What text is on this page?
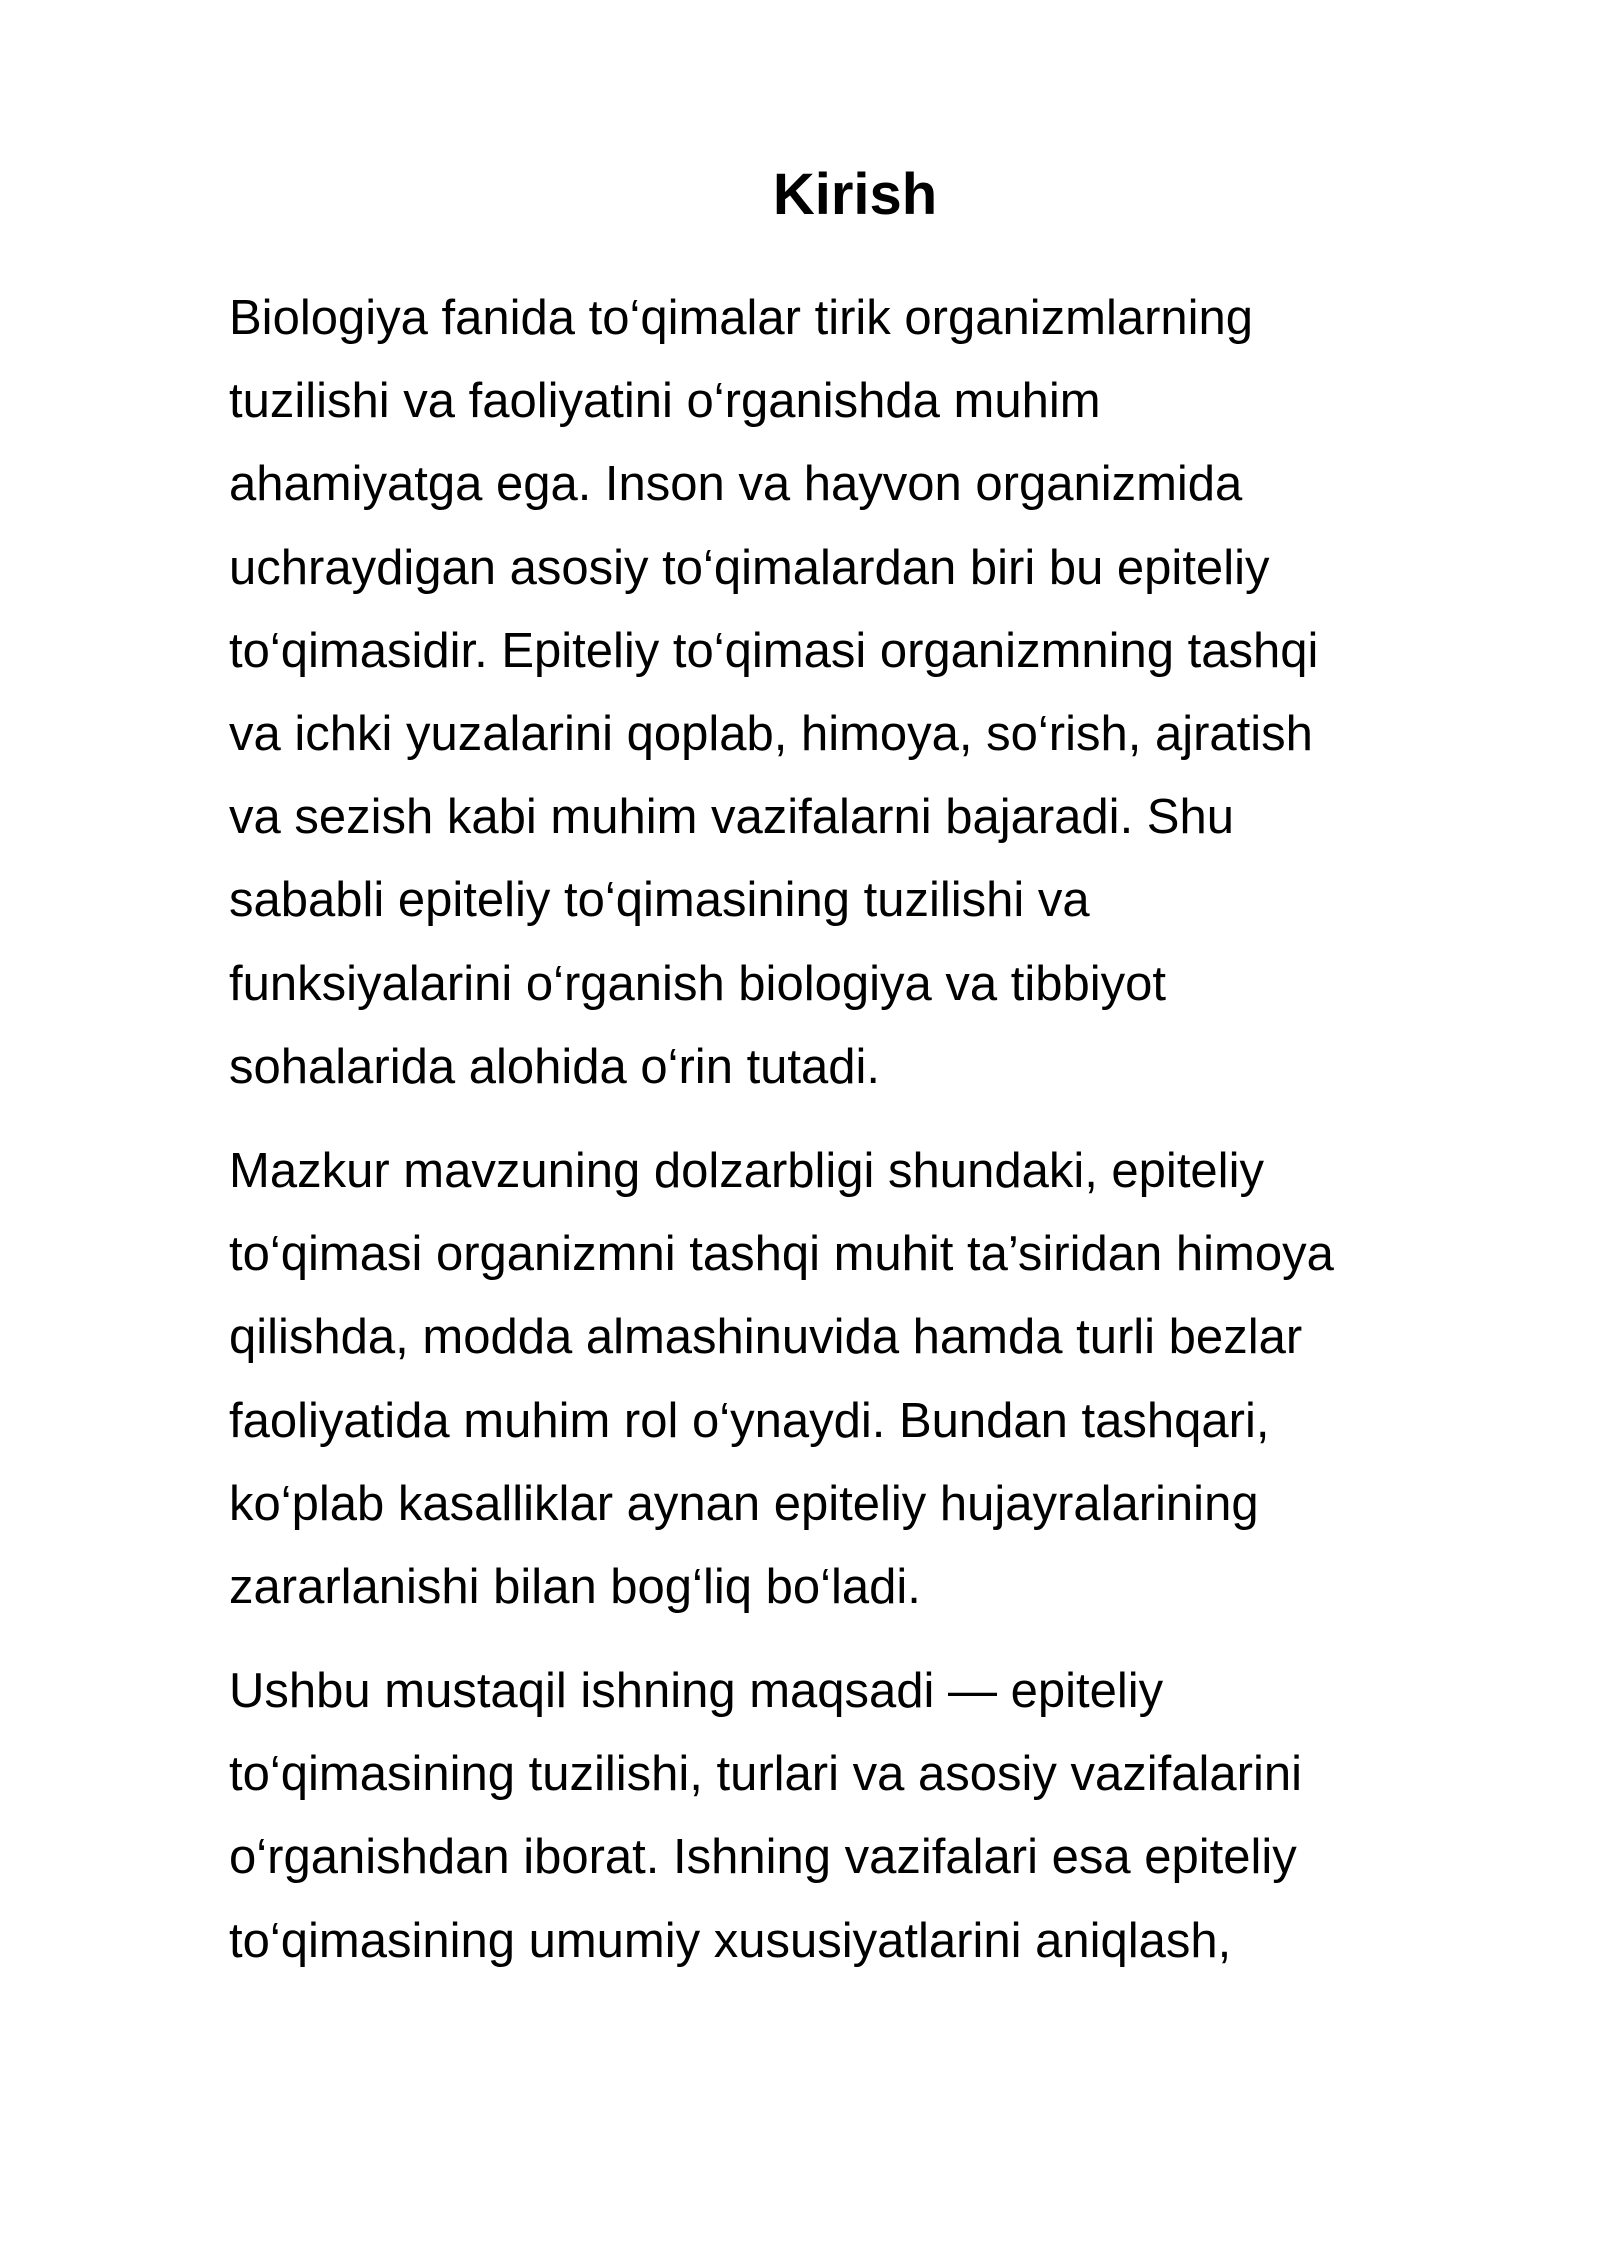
Kirish

Biologiya fanida to‘qimalar tirik organizmlarning
tuzilishi va faoliyatini o‘rganishda muhim
ahamiyatga ega. Inson va hayvon organizmida
uchraydigan asosiy to‘qimalardan biri bu epiteliy
to‘qimasidir. Epiteliy to‘qimasi organizmning tashqi
va ichki yuzalarini qoplab, himoya, so‘rish, ajratish
va sezish kabi muhim vazifalarni bajaradi. Shu
sababli epiteliy to‘qimasining tuzilishi va
funksiyalarini o‘rganish biologiya va tibbiyot
sohalarida alohida o‘rin tutadi.

Mazkur mavzuning dolzarbligi shundaki, epiteliy
to‘qimasi organizmni tashqi muhit ta’siridan himoya
qilishda, modda almashinuvida hamda turli bezlar
faoliyatida muhim rol o‘ynaydi. Bundan tashqari,
ko‘plab kasalliklar aynan epiteliy hujayralarining
zararlanishi bilan bog‘liq bo‘ladi.

Ushbu mustaqil ishning maqsadi — epiteliy
to‘qimasining tuzilishi, turlari va asosiy vazifalarini
o‘rganishdan iborat. Ishning vazifalari esa epiteliy
to‘qimasining umumiy xususiyatlarini aniqlash,
